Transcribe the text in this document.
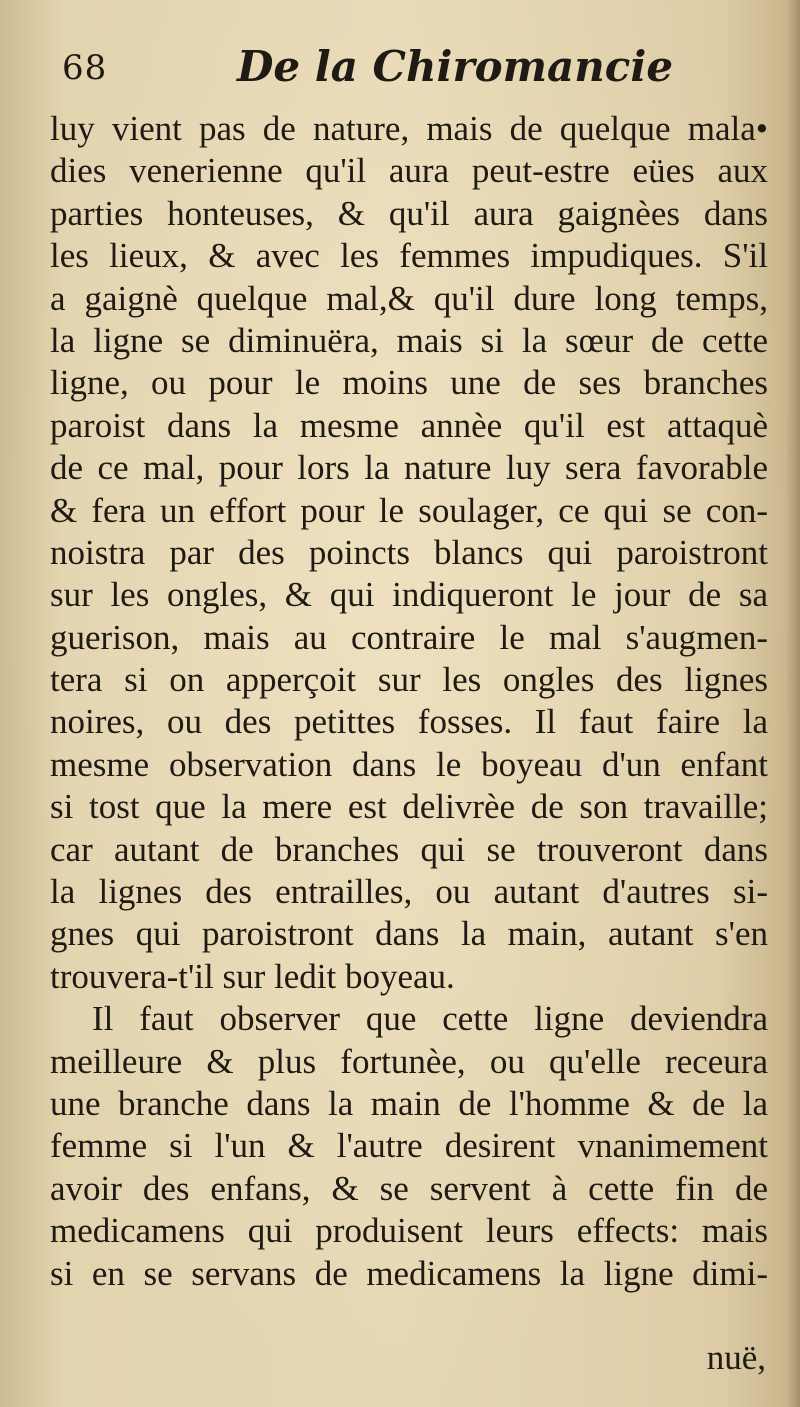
68	De la Chiromancie
luy vient pas de nature, mais de quelque mala•
dies venerienne qu'il aura peut-estre eües aux
parties honteuses, & qu'il aura gaignèes dans
les lieux, & avec les femmes impudiques. S'il
a gaignè quelque mal,& qu'il dure long temps,
la ligne se diminuëra, mais si la sœur de cette
ligne, ou pour le moins une de ses branches
paroist dans la mesme annèe qu'il est attaquè
de ce mal, pour lors la nature luy sera favorable
& fera un effort pour le soulager, ce qui se con-
noistra par des poincts blancs qui paroistront
sur les ongles, & qui indiqueront le jour de sa
guerison, mais au contraire le mal s'augmen-
tera si on apperçoit sur les ongles des lignes
noires, ou des petittes fosses. Il faut faire la
mesme observation dans le boyeau d'un enfant
si tost que la mere est delivrèe de son travaille;
car autant de branches qui se trouveront dans
la lignes des entrailles, ou autant d'autres si-
gnes qui paroistront dans la main, autant s'en
trouvera-t'il sur ledit boyeau.
Il faut observer que cette ligne deviendra
meilleure & plus fortunèe, ou qu'elle receura
une branche dans la main de l'homme & de la
femme si l'un & l'autre desirent vnanimement
avoir des enfans, & se servent à cette fin de
medicamens qui produisent leurs effects: mais
si en se servans de medicamens la ligne dimi-
nuë,
